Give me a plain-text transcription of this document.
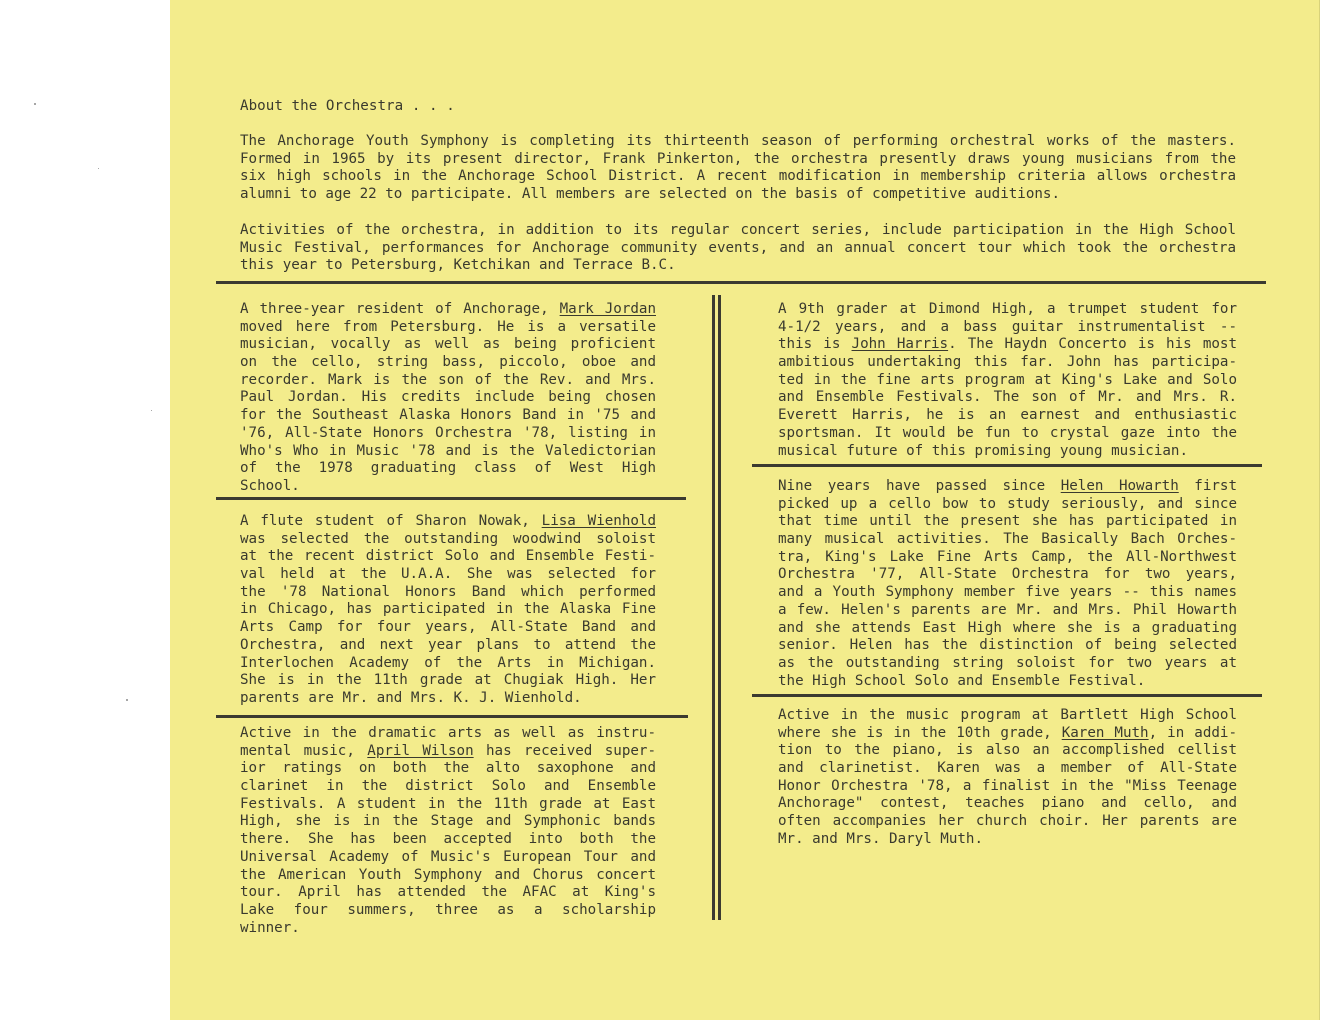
About the Orchestra . . .
The Anchorage Youth Symphony is completing its thirteenth season of performing orchestral works of the masters.
Formed in 1965 by its present director, Frank Pinkerton, the orchestra presently draws young musicians from the
six high schools in the Anchorage School District. A recent modification in membership criteria allows orchestra
alumni to age 22 to participate. All members are selected on the basis of competitive auditions.
Activities of the orchestra, in addition to its regular concert series, include participation in the High School
Music Festival, performances for Anchorage community events, and an annual concert tour which took the orchestra
this year to Petersburg, Ketchikan and Terrace B.C.
A three-year resident of Anchorage, Mark Jordan
moved here from Petersburg. He is a versatile
musician, vocally as well as being proficient
on the cello, string bass, piccolo, oboe and
recorder. Mark is the son of the Rev. and Mrs.
Paul Jordan. His credits include being chosen
for the Southeast Alaska Honors Band in '75 and
'76, All-State Honors Orchestra '78, listing in
Who's Who in Music '78 and is the Valedictorian
of the 1978 graduating class of West High
School.
A flute student of Sharon Nowak, Lisa Wienhold
was selected the outstanding woodwind soloist
at the recent district Solo and Ensemble Festi-
val held at the U.A.A. She was selected for
the '78 National Honors Band which performed
in Chicago, has participated in the Alaska Fine
Arts Camp for four years, All-State Band and
Orchestra, and next year plans to attend the
Interlochen Academy of the Arts in Michigan.
She is in the 11th grade at Chugiak High. Her
parents are Mr. and Mrs. K. J. Wienhold.
Active in the dramatic arts as well as instru-
mental music, April Wilson has received super-
ior ratings on both the alto saxophone and
clarinet in the district Solo and Ensemble
Festivals. A student in the 11th grade at East
High, she is in the Stage and Symphonic bands
there. She has been accepted into both the
Universal Academy of Music's European Tour and
the American Youth Symphony and Chorus concert
tour. April has attended the AFAC at King's
Lake four summers, three as a scholarship
winner.
A 9th grader at Dimond High, a trumpet student for
4-1/2 years, and a bass guitar instrumentalist --
this is John Harris. The Haydn Concerto is his most
ambitious undertaking this far. John has participa-
ted in the fine arts program at King's Lake and Solo
and Ensemble Festivals. The son of Mr. and Mrs. R.
Everett Harris, he is an earnest and enthusiastic
sportsman. It would be fun to crystal gaze into the
musical future of this promising young musician.
Nine years have passed since Helen Howarth first
picked up a cello bow to study seriously, and since
that time until the present she has participated in
many musical activities. The Basically Bach Orches-
tra, King's Lake Fine Arts Camp, the All-Northwest
Orchestra '77, All-State Orchestra for two years,
and a Youth Symphony member five years -- this names
a few. Helen's parents are Mr. and Mrs. Phil Howarth
and she attends East High where she is a graduating
senior. Helen has the distinction of being selected
as the outstanding string soloist for two years at
the High School Solo and Ensemble Festival.
Active in the music program at Bartlett High School
where she is in the 10th grade, Karen Muth, in addi-
tion to the piano, is also an accomplished cellist
and clarinetist. Karen was a member of All-State
Honor Orchestra '78, a finalist in the "Miss Teenage
Anchorage" contest, teaches piano and cello, and
often accompanies her church choir. Her parents are
Mr. and Mrs. Daryl Muth.
